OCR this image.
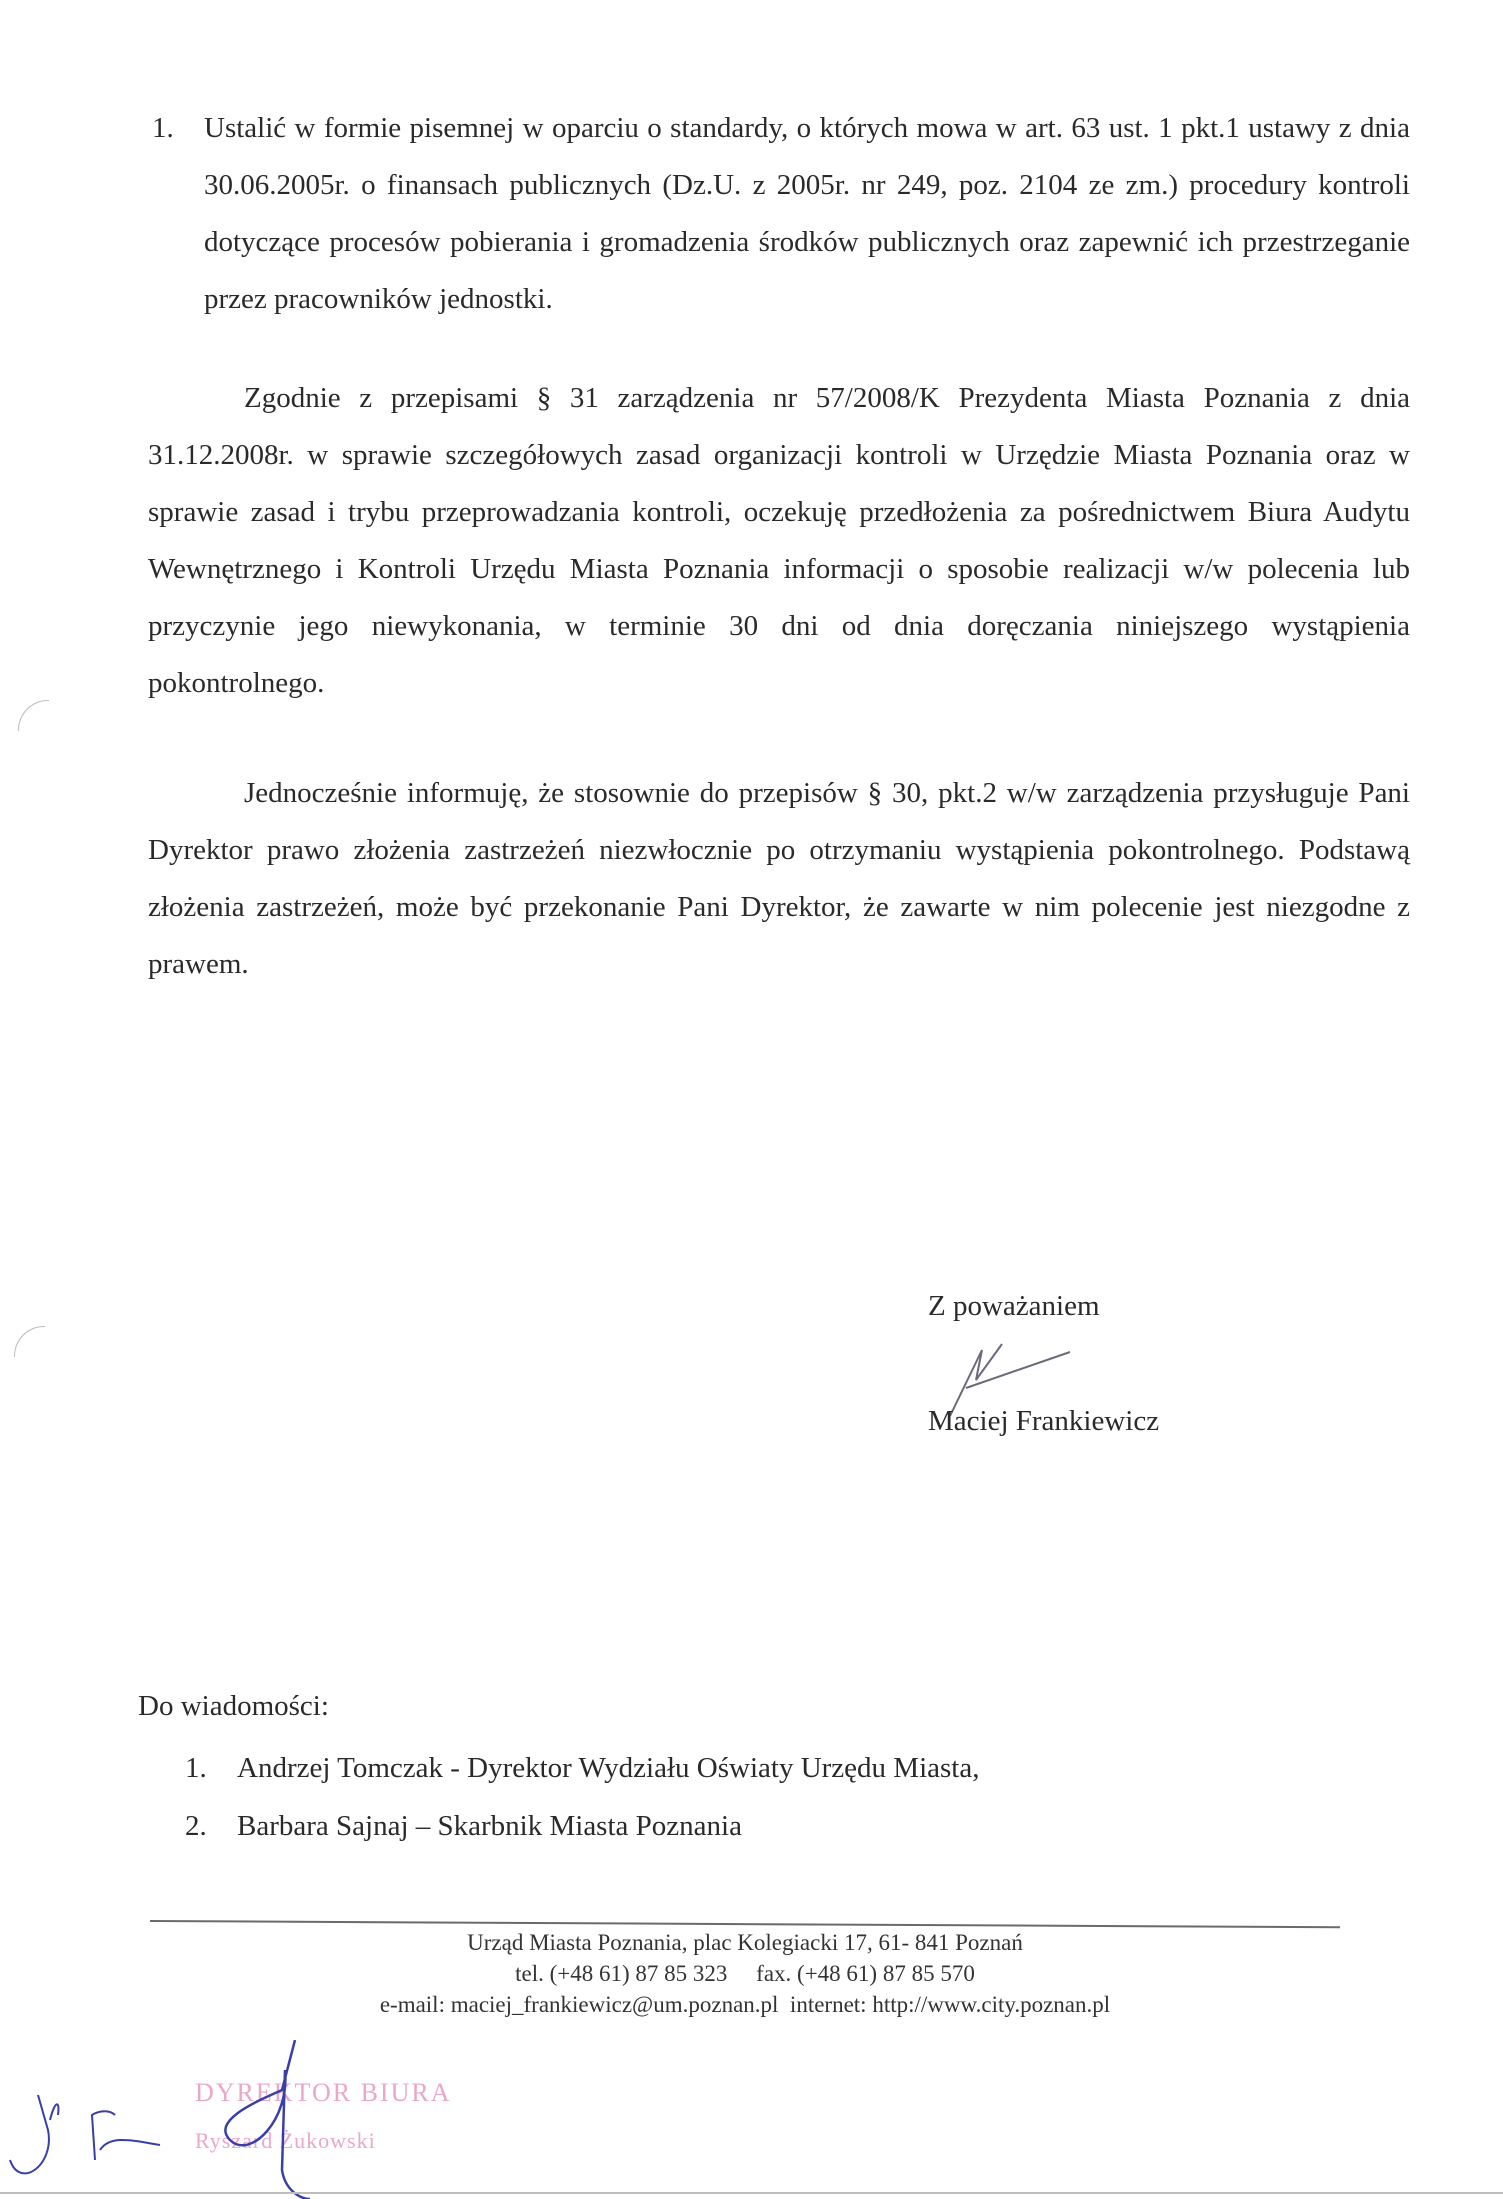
1. Ustalić w formie pisemnej w oparciu o standardy, o których mowa w art. 63 ust. 1 pkt.1 ustawy z dnia 30.06.2005r. o finansach publicznych (Dz.U. z 2005r. nr 249, poz. 2104 ze zm.) procedury kontroli dotyczące procesów pobierania i gromadzenia środków publicznych oraz zapewnić ich przestrzeganie przez pracowników jednostki.
Zgodnie z przepisami § 31 zarządzenia nr 57/2008/K Prezydenta Miasta Poznania z dnia 31.12.2008r. w sprawie szczegółowych zasad organizacji kontroli w Urzędzie Miasta Poznania oraz w sprawie zasad i trybu przeprowadzania kontroli, oczekuję przedłożenia za pośrednictwem Biura Audytu Wewnętrznego i Kontroli Urzędu Miasta Poznania informacji o sposobie realizacji w/w polecenia lub przyczynie jego niewykonania, w terminie 30 dni od dnia doręczania niniejszego wystąpienia pokontrolnego.
Jednocześnie informuję, że stosownie do przepisów § 30, pkt.2 w/w zarządzenia przysługuje Pani Dyrektor prawo złożenia zastrzeżeń niezwłocznie po otrzymaniu wystąpienia pokontrolnego. Podstawą złożenia zastrzeżeń, może być przekonanie Pani Dyrektor, że zawarte w nim polecenie jest niezgodne z prawem.
Z poważaniem
Maciej Frankiewicz
Do wiadomości:
1. Andrzej Tomczak - Dyrektor Wydziału Oświaty Urzędu Miasta,
2. Barbara Sajnaj – Skarbnik Miasta Poznania
Urząd Miasta Poznania, plac Kolegiacki 17, 61- 841 Poznań
tel. (+48 61) 87 85 323     fax. (+48 61) 87 85 570
e-mail: maciej_frankiewicz@um.poznan.pl  internet: http://www.city.poznan.pl
DYREKTOR BIURA
Ryszard Żukowski
